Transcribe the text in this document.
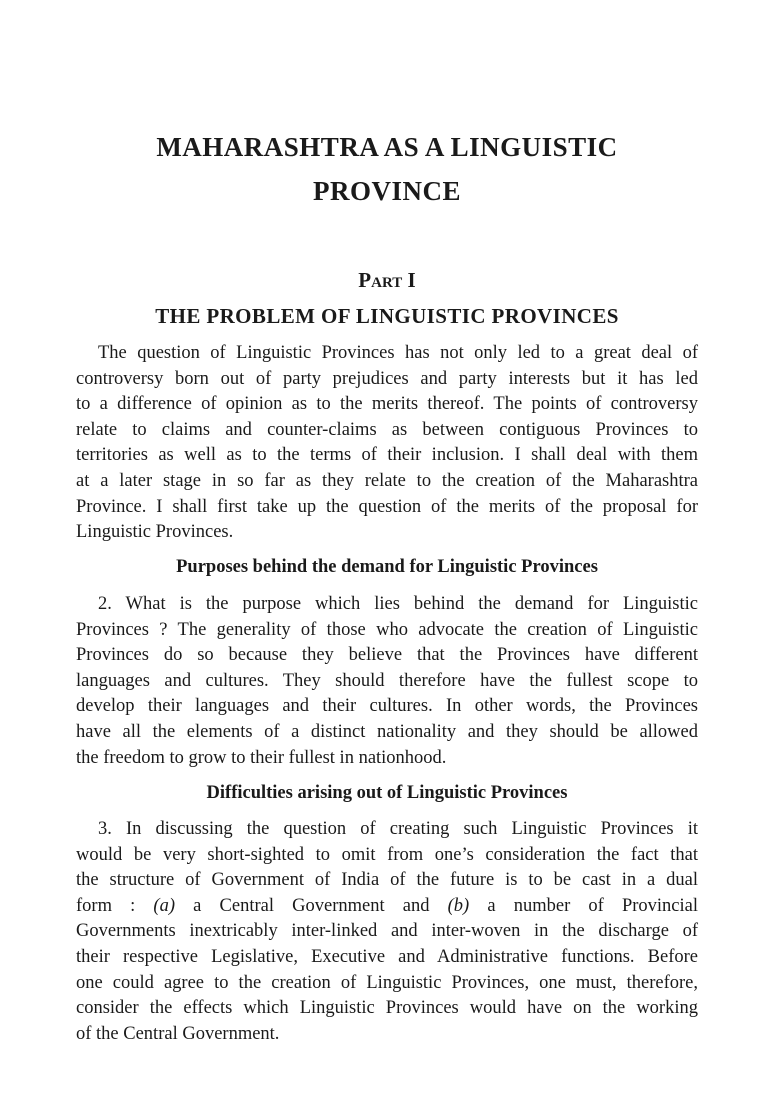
MAHARASHTRA AS A LINGUISTIC
PROVINCE
Part I
THE PROBLEM OF LINGUISTIC PROVINCES
The question of Linguistic Provinces has not only led to a great deal of
controversy born out of party prejudices and party interests but it has led
to a difference of opinion as to the merits thereof. The points of controversy
relate to claims and counter-claims as between contiguous Provinces to
territories as well as to the terms of their inclusion. I shall deal with them
at a later stage in so far as they relate to the creation of the Maharashtra
Province. I shall first take up the question of the merits of the proposal for
Linguistic Provinces.
Purposes behind the demand for Linguistic Provinces
2. What is the purpose which lies behind the demand for Linguistic
Provinces ? The generality of those who advocate the creation of Linguistic
Provinces do so because they believe that the Provinces have different
languages and cultures. They should therefore have the fullest scope to
develop their languages and their cultures. In other words, the Provinces
have all the elements of a distinct nationality and they should be allowed
the freedom to grow to their fullest in nationhood.
Difficulties arising out of Linguistic Provinces
3. In discussing the question of creating such Linguistic Provinces it
would be very short-sighted to omit from one’s consideration the fact that
the structure of Government of India of the future is to be cast in a dual
form : (a) a Central Government and (b) a number of Provincial
Governments inextricably inter-linked and inter-woven in the discharge of
their respective Legislative, Executive and Administrative functions. Before
one could agree to the creation of Linguistic Provinces, one must, therefore,
consider the effects which Linguistic Provinces would have on the working
of the Central Government.
